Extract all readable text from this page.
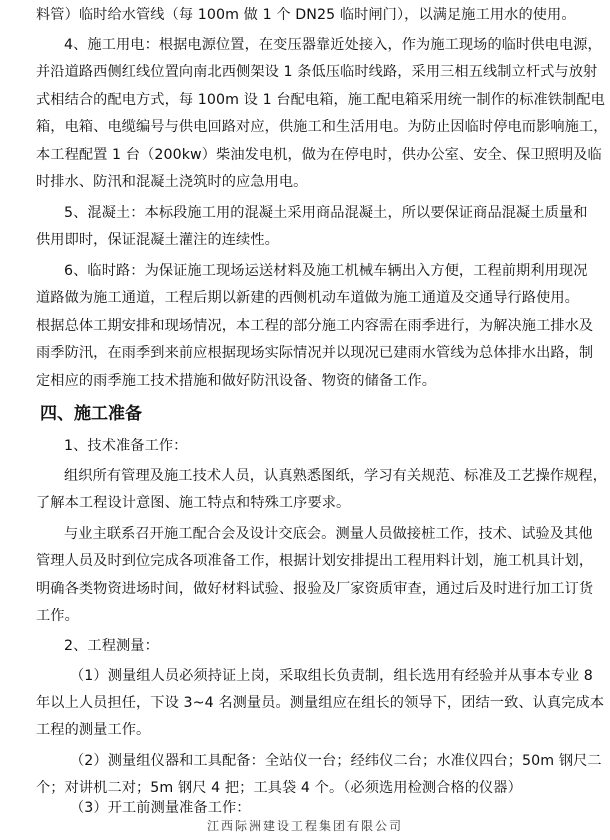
料管）临时给水管线（每 100m 做 1 个 DN25 临时闸门），以满足施工用水的使用。
4、施工用电：根据电源位置，在变压器靠近处接入，作为施工现场的临时供电电源，
并沿道路西侧红线位置向南北西侧架设 1 条低压临时线路，采用三相五线制立杆式与放射
式相结合的配电方式，每 100m 设 1 台配电箱，施工配电箱采用统一制作的标准铁制配电
箱，电箱、电缆编号与供电回路对应，供施工和生活用电。为防止因临时停电而影响施工，
本工程配置 1 台（200kw）柴油发电机，做为在停电时，供办公室、安全、保卫照明及临
时排水、防汛和混凝土浇筑时的应急用电。
5、混凝土：本标段施工用的混凝土采用商品混凝土，所以要保证商品混凝土质量和
供用即时，保证混凝土灌注的连续性。
6、临时路：为保证施工现场运送材料及施工机械车辆出入方便，工程前期利用现况
道路做为施工通道，工程后期以新建的西侧机动车道做为施工通道及交通导行路使用。
根据总体工期安排和现场情况，本工程的部分施工内容需在雨季进行，为解决施工排水及
雨季防汛，在雨季到来前应根据现场实际情况并以现况已建雨水管线为总体排水出路，制
定相应的雨季施工技术措施和做好防汛设备、物资的储备工作。
四、施工准备
1、技术准备工作：
组织所有管理及施工技术人员，认真熟悉图纸，学习有关规范、标准及工艺操作规程，
了解本工程设计意图、施工特点和特殊工序要求。
与业主联系召开施工配合会及设计交底会。测量人员做接桩工作，技术、试验及其他
管理人员及时到位完成各项准备工作，根据计划安排提出工程用料计划，施工机具计划，
明确各类物资进场时间，做好材料试验、报验及厂家资质审查，通过后及时进行加工订货
工作。
2、工程测量：
（1）测量组人员必须持证上岗，采取组长负责制，组长选用有经验并从事本专业 8
年以上人员担任，下设 3~4 名测量员。测量组应在组长的领导下，团结一致、认真完成本
工程的测量工作。
（2）测量组仪器和工具配备：全站仪一台；经纬仪二台；水准仪四台；50m 钢尺二
个；对讲机二对；5m 钢尺 4 把；工具袋 4 个。（必须选用检测合格的仪器）
（3）开工前测量准备工作：
江西际洲建设工程集团有限公司
